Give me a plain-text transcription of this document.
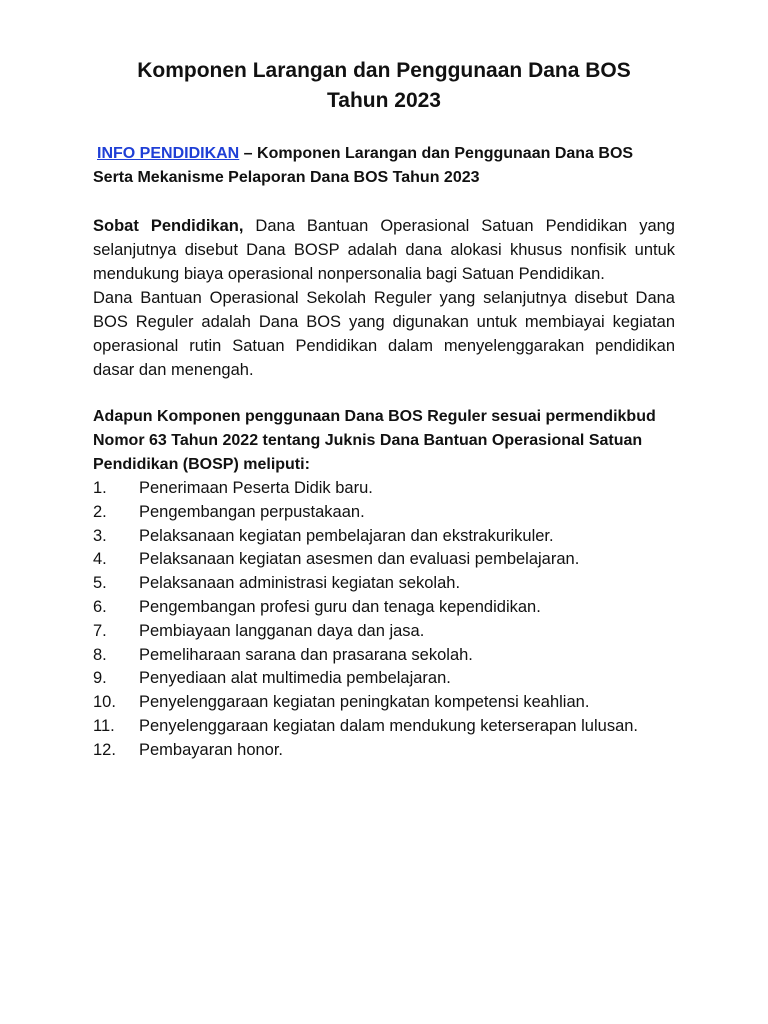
Komponen Larangan dan Penggunaan Dana BOS
Tahun 2023

INFO PENDIDIKAN – Komponen Larangan dan Penggunaan Dana BOS Serta Mekanisme Pelaporan Dana BOS Tahun 2023

Sobat Pendidikan, Dana Bantuan Operasional Satuan Pendidikan yang selanjutnya disebut Dana BOSP adalah dana alokasi khusus nonfisik untuk mendukung biaya operasional nonpersonalia bagi Satuan Pendidikan.

Dana Bantuan Operasional Sekolah Reguler yang selanjutnya disebut Dana BOS Reguler adalah Dana BOS yang digunakan untuk membiayai kegiatan operasional rutin Satuan Pendidikan dalam menyelenggarakan pendidikan dasar dan menengah.

Adapun Komponen penggunaan Dana BOS Reguler sesuai permendikbud Nomor 63 Tahun 2022 tentang Juknis Dana Bantuan Operasional Satuan Pendidikan (BOSP) meliputi:

1.	Penerimaan Peserta Didik baru.
2.	Pengembangan perpustakaan.
3.	Pelaksanaan kegiatan pembelajaran dan ekstrakurikuler.
4.	Pelaksanaan kegiatan asesmen dan evaluasi pembelajaran.
5.	Pelaksanaan administrasi kegiatan sekolah.
6.	Pengembangan profesi guru dan tenaga kependidikan.
7.	Pembiayaan langganan daya dan jasa.
8.	Pemeliharaan sarana dan prasarana sekolah.
9.	Penyediaan alat multimedia pembelajaran.
10.	Penyelenggaraan kegiatan peningkatan kompetensi keahlian.
11.	Penyelenggaraan kegiatan dalam mendukung keterserapan lulusan.
12.	Pembayaran honor.
